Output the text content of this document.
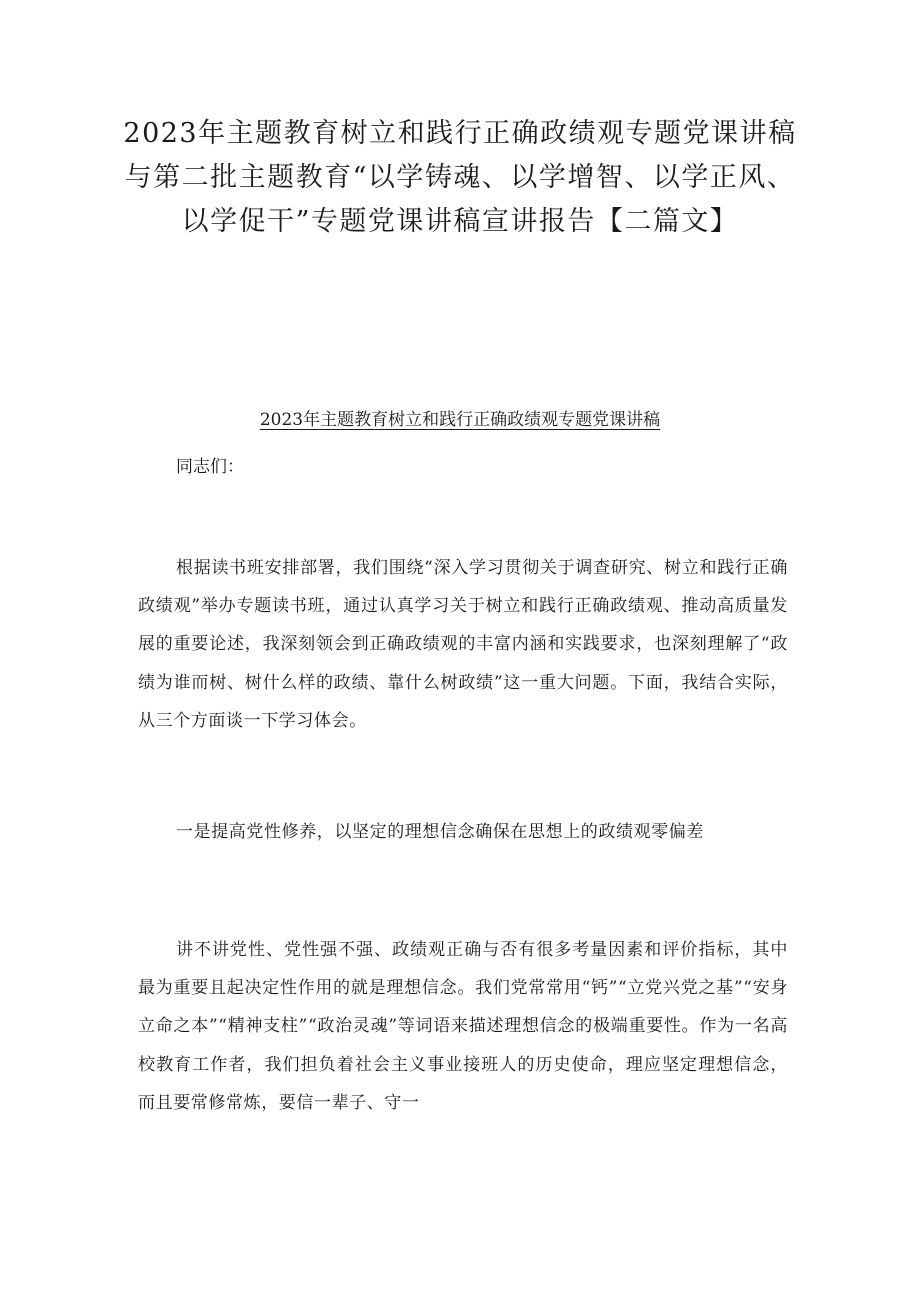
2023年主题教育树立和践行正确政绩观专题党课讲稿与第二批主题教育“以学铸魂、以学增智、以学正风、以学促干”专题党课讲稿宣讲报告【二篇文】
2023年主题教育树立和践行正确政绩观专题党课讲稿

同志们：

根据读书班安排部署，我们围绕“深入学习贯彻关于调查研究、树立和践行正确政绩观”举办专题读书班，通过认真学习关于树立和践行正确政绩观、推动高质量发展的重要论述，我深刻领会到正确政绩观的丰富内涵和实践要求，也深刻理解了“政绩为谁而树、树什么样的政绩、靠什么树政绩”这一重大问题。下面，我结合实际，从三个方面谈一下学习体会。

一是提高党性修养，以坚定的理想信念确保在思想上的政绩观零偏差

讲不讲党性、党性强不强、政绩观正确与否有很多考量因素和评价指标，其中最为重要且起决定性作用的就是理想信念。我们党常常用“钙”“立党兴党之基”“安身立命之本”“精神支柱”“政治灵魂”等词语来描述理想信念的极端重要性。作为一名高校教育工作者，我们担负着社会主义事业接班人的历史使命，理应坚定理想信念，而且要常修常炼，要信一辈子、守一
